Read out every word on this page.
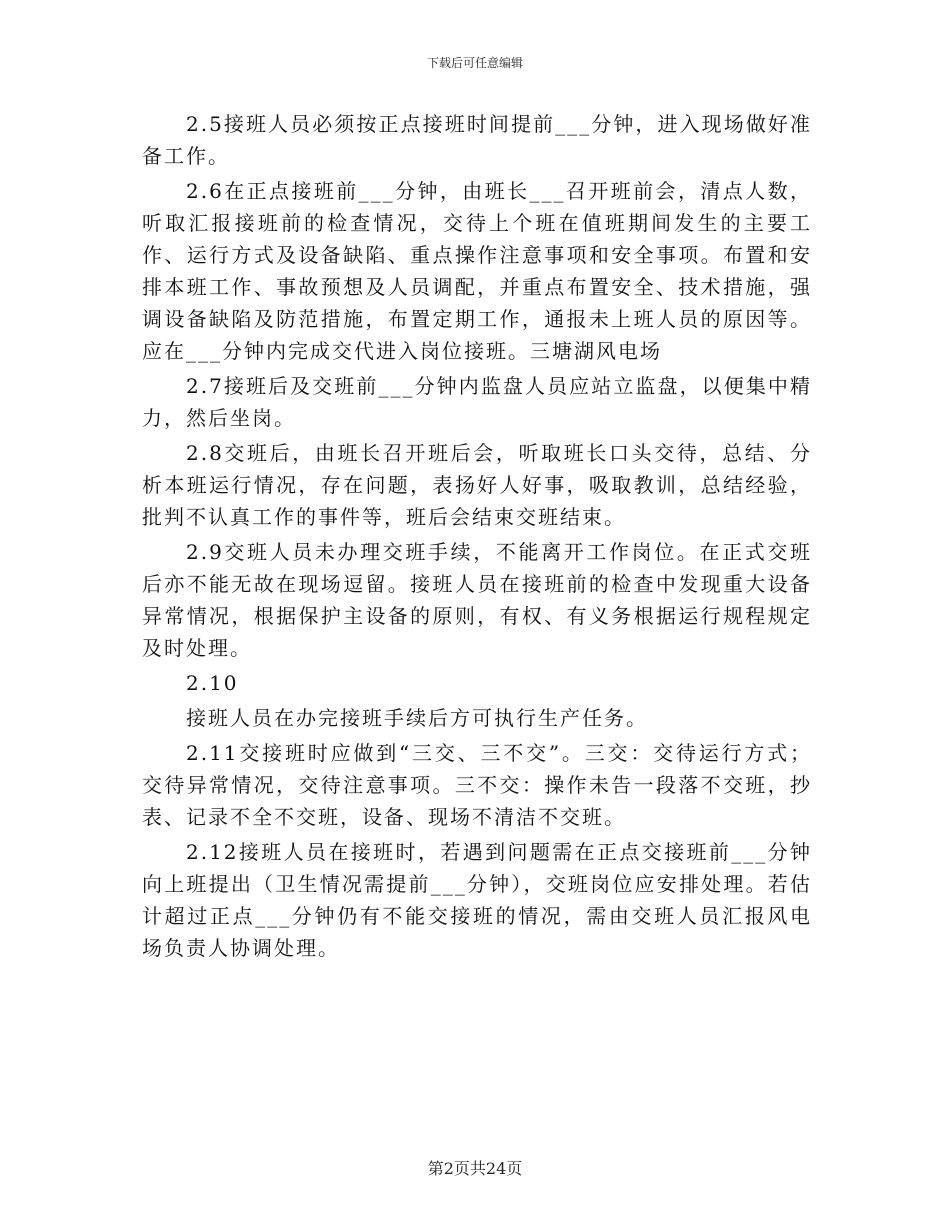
下载后可任意编辑

2.5接班人员必须按正点接班时间提前___分钟，进入现场做好准备工作。

2.6在正点接班前___分钟，由班长___召开班前会，清点人数，听取汇报接班前的检查情况，交待上个班在值班期间发生的主要工作、运行方式及设备缺陷、重点操作注意事项和安全事项。布置和安排本班工作、事故预想及人员调配，并重点布置安全、技术措施，强调设备缺陷及防范措施，布置定期工作，通报未上班人员的原因等。应在___分钟内完成交代进入岗位接班。三塘湖风电场

2.7接班后及交班前___分钟内监盘人员应站立监盘，以便集中精力，然后坐岗。

2.8交班后，由班长召开班后会，听取班长口头交待，总结、分析本班运行情况，存在问题，表扬好人好事，吸取教训，总结经验，批判不认真工作的事件等，班后会结束交班结束。

2.9交班人员未办理交班手续，不能离开工作岗位。在正式交班后亦不能无故在现场逗留。接班人员在接班前的检查中发现重大设备异常情况，根据保护主设备的原则，有权、有义务根据运行规程规定及时处理。

2.10

接班人员在办完接班手续后方可执行生产任务。

2.11交接班时应做到“三交、三不交”。三交：交待运行方式；交待异常情况，交待注意事项。三不交：操作未告一段落不交班，抄表、记录不全不交班，设备、现场不清洁不交班。

2.12接班人员在接班时，若遇到问题需在正点交接班前___分钟向上班提出（卫生情况需提前___分钟），交班岗位应安排处理。若估计超过正点___分钟仍有不能交接班的情况，需由交班人员汇报风电场负责人协调处理。

第2页共24页
